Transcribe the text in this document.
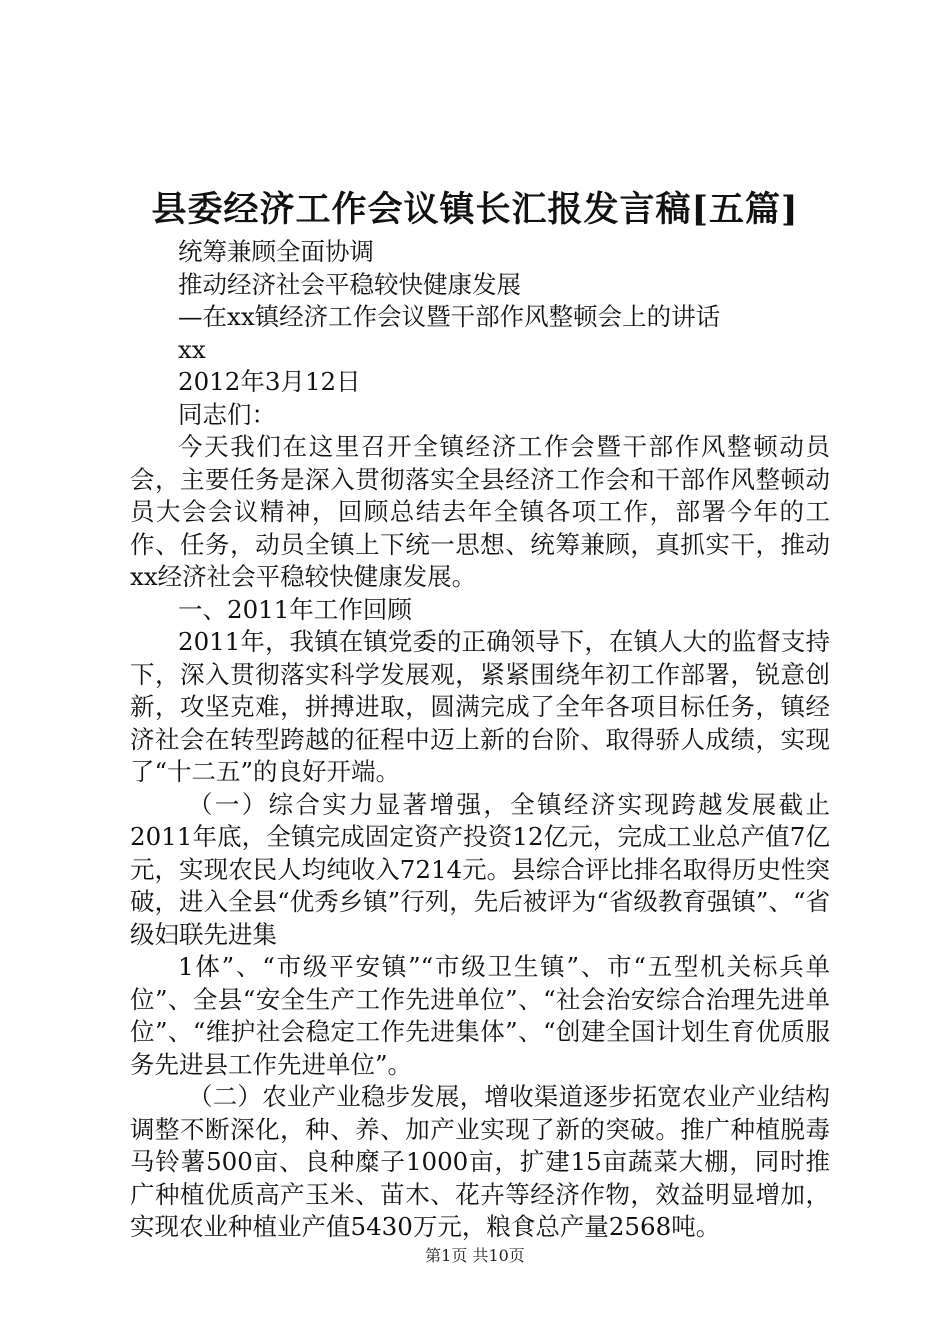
县委经济工作会议镇长汇报发言稿[五篇]
统筹兼顾全面协调
推动经济社会平稳较快健康发展
—在xx镇经济工作会议暨干部作风整顿会上的讲话
xx
2012年3月12日
同志们：

今天我们在这里召开全镇经济工作会暨干部作风整顿动员会，主要任务是深入贯彻落实全县经济工作会和干部作风整顿动员大会会议精神，回顾总结去年全镇各项工作，部署今年的工作、任务，动员全镇上下统一思想、统筹兼顾，真抓实干，推动xx经济社会平稳较快健康发展。

一、2011年工作回顾

2011年，我镇在镇党委的正确领导下，在镇人大的监督支持下，深入贯彻落实科学发展观，紧紧围绕年初工作部署，锐意创新，攻坚克难，拼搏进取，圆满完成了全年各项目标任务，镇经济社会在转型跨越的征程中迈上新的台阶、取得骄人成绩，实现了“十二五”的良好开端。

（一）综合实力显著增强，全镇经济实现跨越发展截止2011年底，全镇完成固定资产投资12亿元，完成工业总产值7亿元，实现农民人均纯收入7214元。县综合评比排名取得历史性突破，进入全县“优秀乡镇”行列，先后被评为“省级教育强镇”、“省级妇联先进集

1体”、“市级平安镇”“市级卫生镇”、市“五型机关标兵单位”、全县“安全生产工作先进单位”、“社会治安综合治理先进单位”、“维护社会稳定工作先进集体”、“创建全国计划生育优质服务先进县工作先进单位”。

（二）农业产业稳步发展，增收渠道逐步拓宽农业产业结构调整不断深化，种、养、加产业实现了新的突破。推广种植脱毒马铃薯500亩、良种糜子1000亩，扩建15亩蔬菜大棚，同时推广种植优质高产玉米、苗木、花卉等经济作物，效益明显增加，实现农业种植业产值5430万元，粮食总产量2568吨。

第1页 共10页
